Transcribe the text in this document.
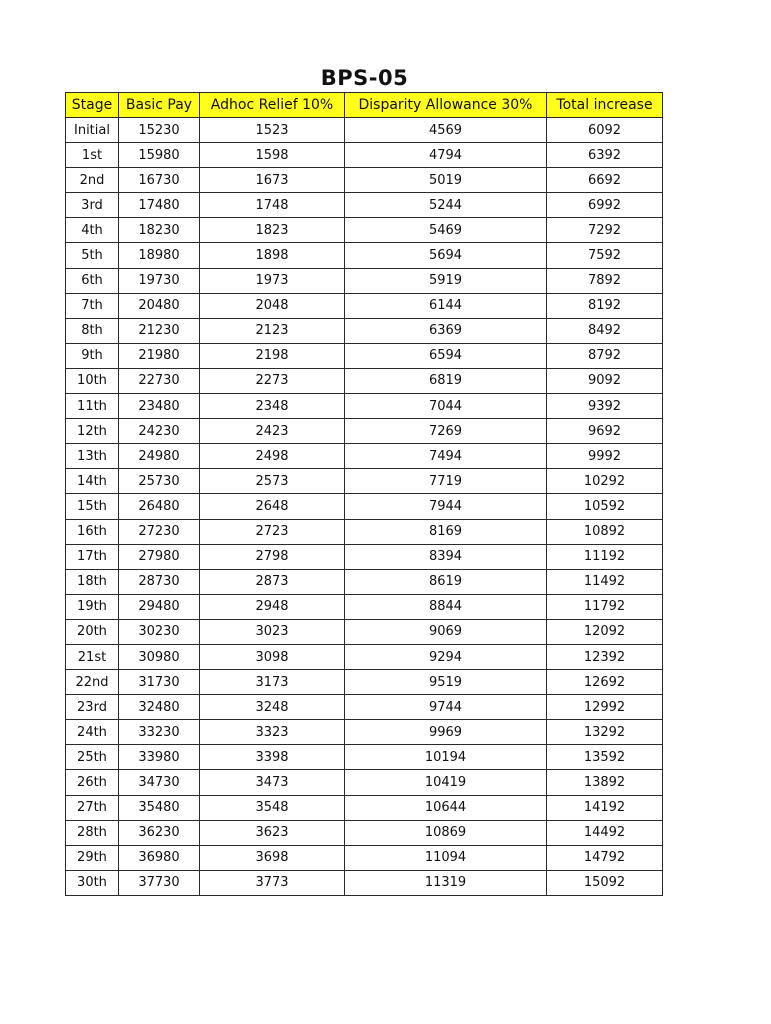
BPS-05
Stage	Basic Pay	Adhoc Relief 10%	Disparity Allowance 30%	Total increase
Initial	15230	1523	4569	6092
1st	15980	1598	4794	6392
2nd	16730	1673	5019	6692
3rd	17480	1748	5244	6992
4th	18230	1823	5469	7292
5th	18980	1898	5694	7592
6th	19730	1973	5919	7892
7th	20480	2048	6144	8192
8th	21230	2123	6369	8492
9th	21980	2198	6594	8792
10th	22730	2273	6819	9092
11th	23480	2348	7044	9392
12th	24230	2423	7269	9692
13th	24980	2498	7494	9992
14th	25730	2573	7719	10292
15th	26480	2648	7944	10592
16th	27230	2723	8169	10892
17th	27980	2798	8394	11192
18th	28730	2873	8619	11492
19th	29480	2948	8844	11792
20th	30230	3023	9069	12092
21st	30980	3098	9294	12392
22nd	31730	3173	9519	12692
23rd	32480	3248	9744	12992
24th	33230	3323	9969	13292
25th	33980	3398	10194	13592
26th	34730	3473	10419	13892
27th	35480	3548	10644	14192
28th	36230	3623	10869	14492
29th	36980	3698	11094	14792
30th	37730	3773	11319	15092
